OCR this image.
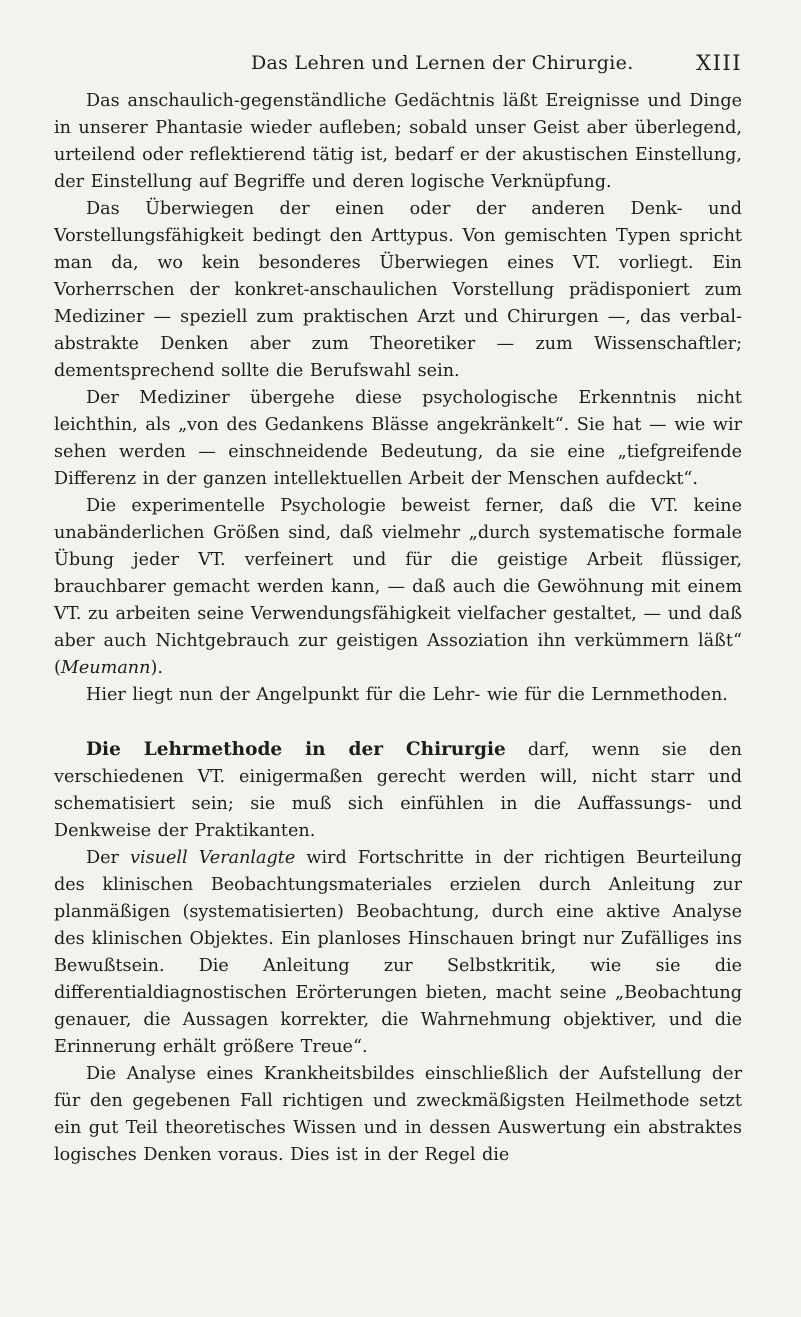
Das Lehren und Lernen der Chirurgie.	XIII

Das anschaulich-gegenständliche Gedächtnis läßt Ereignisse und Dinge in unserer Phantasie wieder aufleben; sobald unser Geist aber überlegend, urteilend oder reflektierend tätig ist, bedarf er der akustischen Einstellung, der Einstellung auf Begriffe und deren logische Verknüpfung.

Das Überwiegen der einen oder der anderen Denk- und Vorstellungsfähigkeit bedingt den Arttypus. Von gemischten Typen spricht man da, wo kein besonderes Überwiegen eines VT. vorliegt. Ein Vorherrschen der konkret-anschaulichen Vorstellung prädisponiert zum Mediziner — speziell zum praktischen Arzt und Chirurgen —, das verbal-abstrakte Denken aber zum Theoretiker — zum Wissenschaftler; dementsprechend sollte die Berufswahl sein.

Der Mediziner übergehe diese psychologische Erkenntnis nicht leichthin, als „von des Gedankens Blässe angekränkelt“. Sie hat — wie wir sehen werden — einschneidende Bedeutung, da sie eine „tiefgreifende Differenz in der ganzen intellektuellen Arbeit der Menschen aufdeckt“.

Die experimentelle Psychologie beweist ferner, daß die VT. keine unabänderlichen Größen sind, daß vielmehr „durch systematische formale Übung jeder VT. verfeinert und für die geistige Arbeit flüssiger, brauchbarer gemacht werden kann, — daß auch die Gewöhnung mit einem VT. zu arbeiten seine Verwendungsfähigkeit vielfacher gestaltet, — und daß aber auch Nichtgebrauch zur geistigen Assoziation ihn verkümmern läßt“ (Meumann).

Hier liegt nun der Angelpunkt für die Lehr- wie für die Lernmethoden.

Die Lehrmethode in der Chirurgie darf, wenn sie den verschiedenen VT. einigermaßen gerecht werden will, nicht starr und schematisiert sein; sie muß sich einfühlen in die Auffassungs- und Denkweise der Praktikanten.

Der visuell Veranlagte wird Fortschritte in der richtigen Beurteilung des klinischen Beobachtungsmateriales erzielen durch Anleitung zur planmäßigen (systematisierten) Beobachtung, durch eine aktive Analyse des klinischen Objektes. Ein planloses Hinschauen bringt nur Zufälliges ins Bewußtsein. Die Anleitung zur Selbstkritik, wie sie die differentialdiagnostischen Erörterungen bieten, macht seine „Beobachtung genauer, die Aussagen korrekter, die Wahrnehmung objektiver, und die Erinnerung erhält größere Treue“.

Die Analyse eines Krankheitsbildes einschließlich der Aufstellung der für den gegebenen Fall richtigen und zweckmäßigsten Heilmethode setzt ein gut Teil theoretisches Wissen und in dessen Auswertung ein abstraktes logisches Denken voraus. Dies ist in der Regel die
